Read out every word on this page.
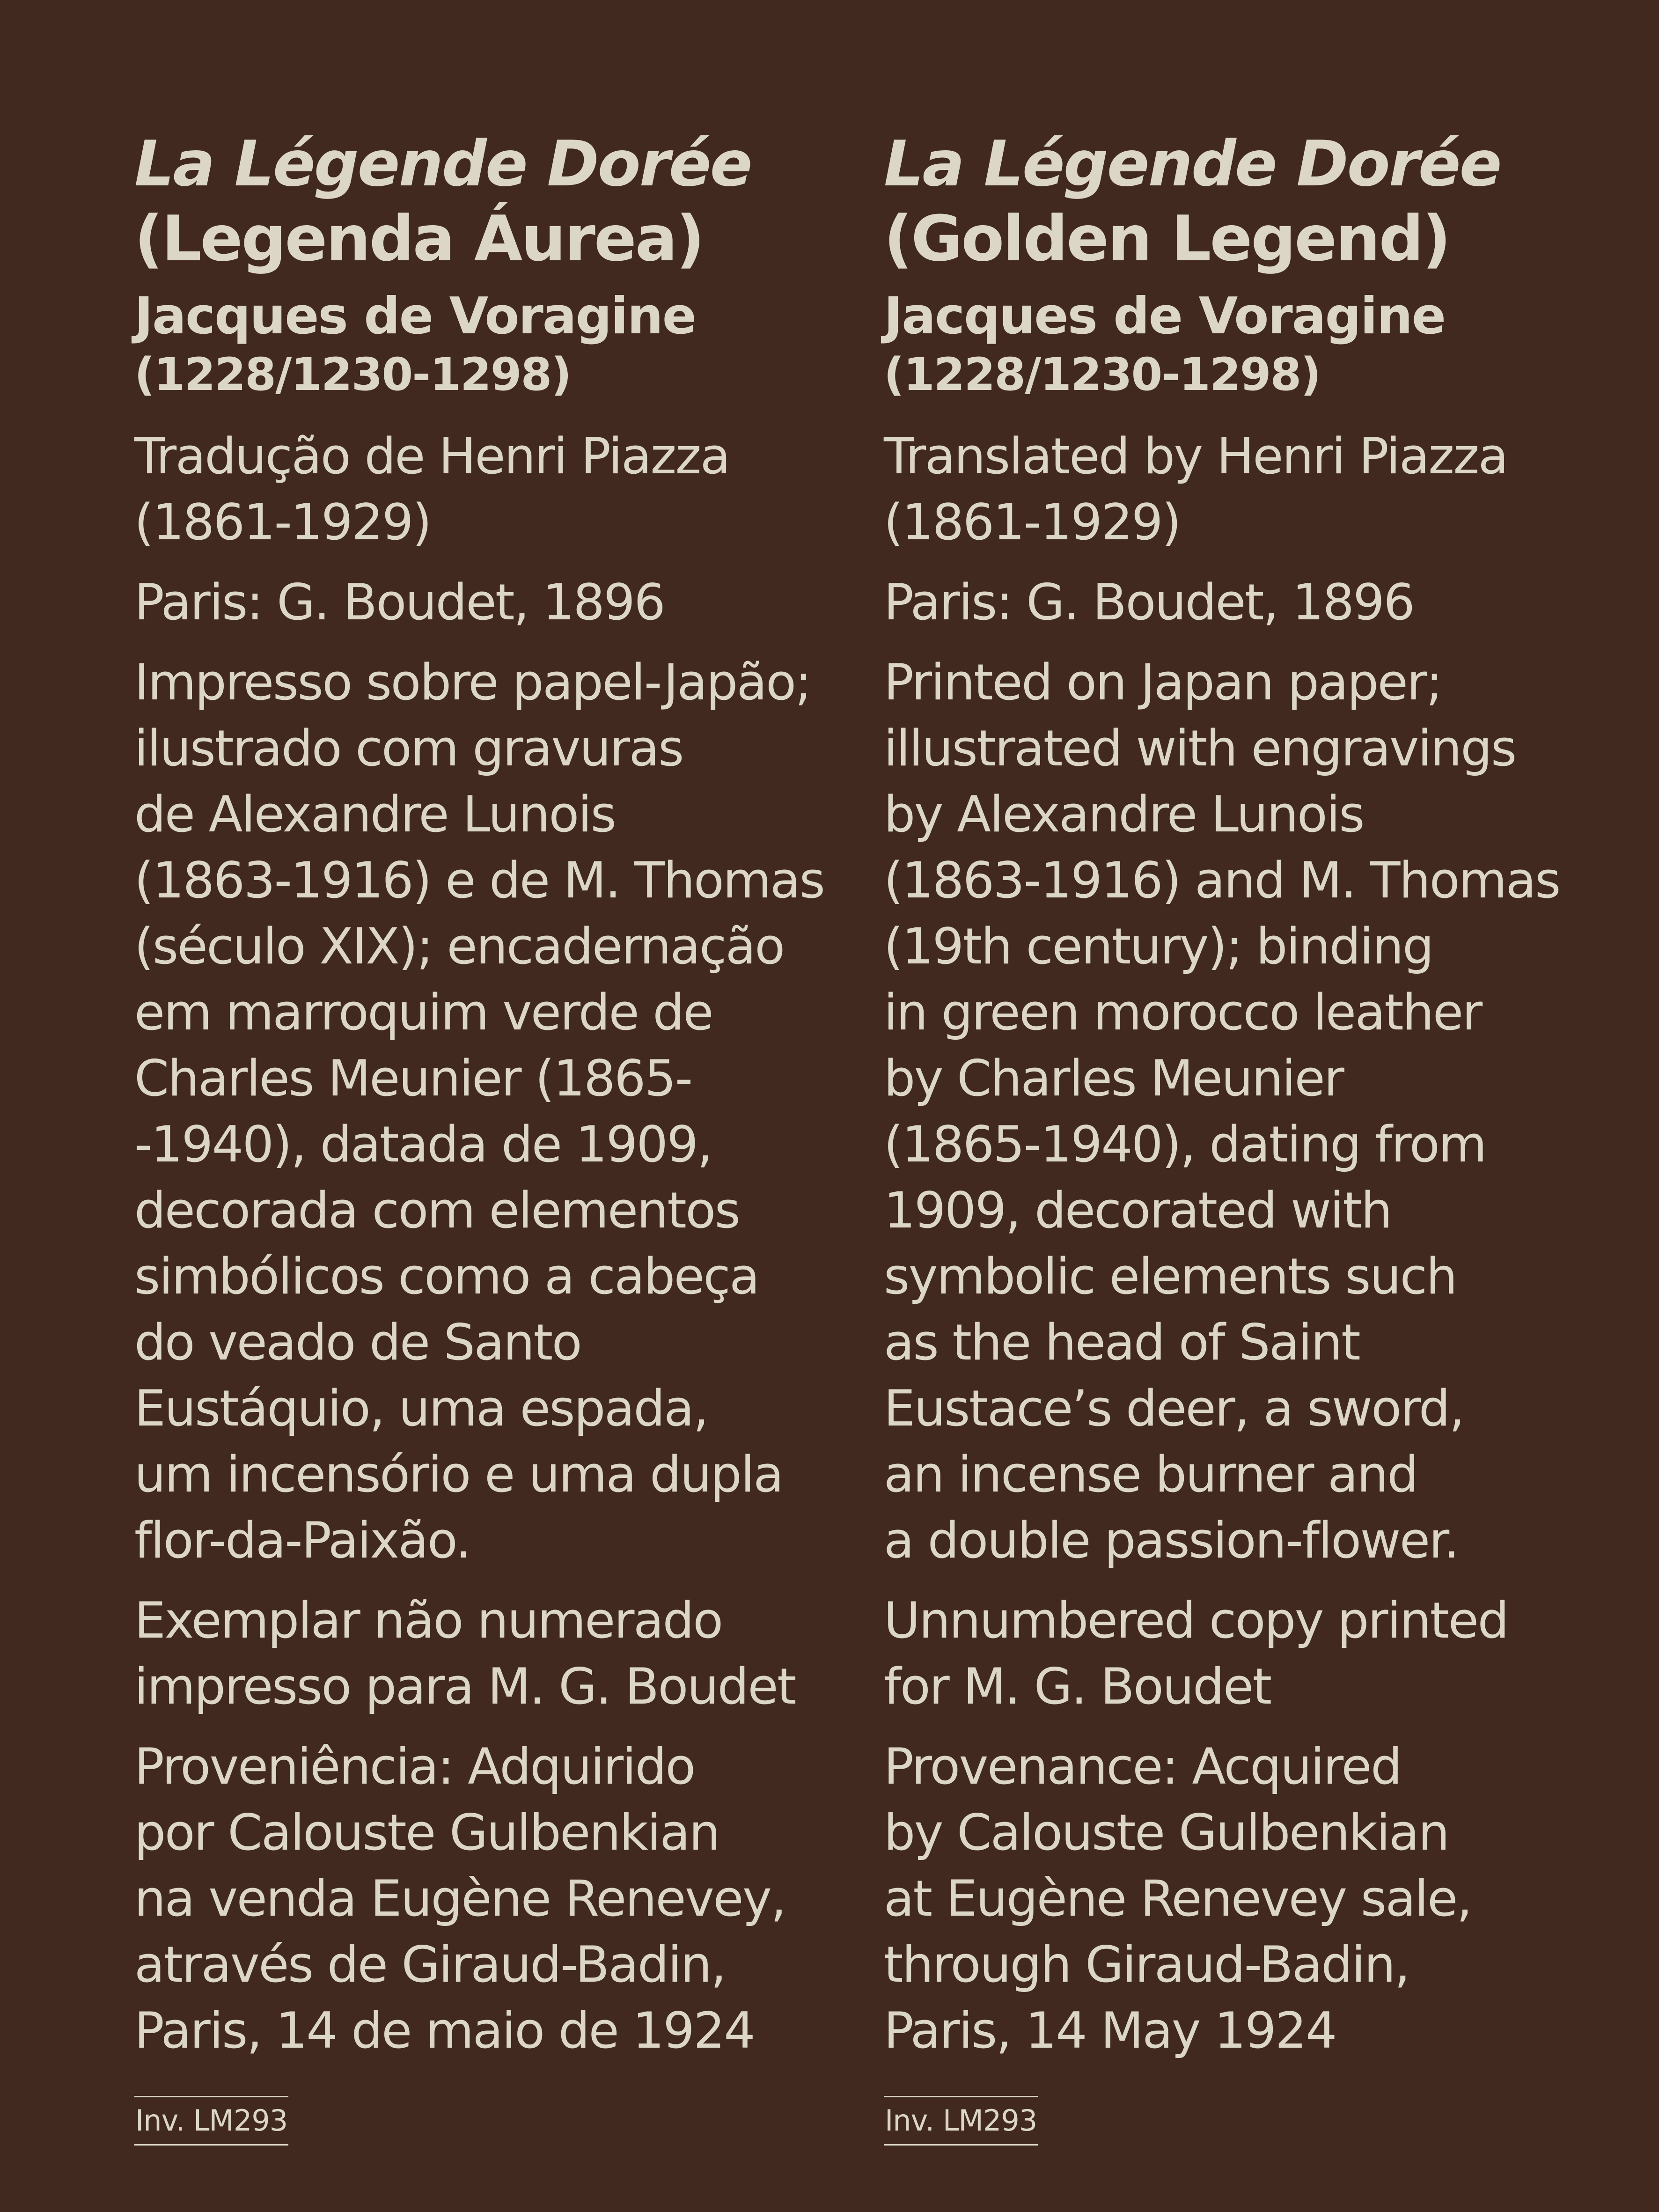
La Légende Dorée
(Legenda Áurea)
Jacques de Voragine
(1228/1230-1298)
Tradução de Henri Piazza
(1861-1929)
Paris: G. Boudet, 1896
Impresso sobre papel-Japão;
ilustrado com gravuras
de Alexandre Lunois
(1863-1916) e de M. Thomas
(século XIX); encadernação
em marroquim verde de
Charles Meunier (1865-
-1940), datada de 1909,
decorada com elementos
simbólicos como a cabeça
do veado de Santo
Eustáquio, uma espada,
um incensório e uma dupla
flor-da-Paixão.
Exemplar não numerado
impresso para M. G. Boudet
Proveniência: Adquirido
por Calouste Gulbenkian
na venda Eugène Renevey,
através de Giraud-Badin,
Paris, 14 de maio de 1924
Inv. LM293
La Légende Dorée
(Golden Legend)
Jacques de Voragine
(1228/1230-1298)
Translated by Henri Piazza
(1861-1929)
Paris: G. Boudet, 1896
Printed on Japan paper;
illustrated with engravings
by Alexandre Lunois
(1863-1916) and M. Thomas
(19th century); binding
in green morocco leather
by Charles Meunier
(1865-1940), dating from
1909, decorated with
symbolic elements such
as the head of Saint
Eustace’s deer, a sword,
an incense burner and
a double passion-flower.
Unnumbered copy printed
for M. G. Boudet
Provenance: Acquired
by Calouste Gulbenkian
at Eugène Renevey sale,
through Giraud-Badin,
Paris, 14 May 1924
Inv. LM293
